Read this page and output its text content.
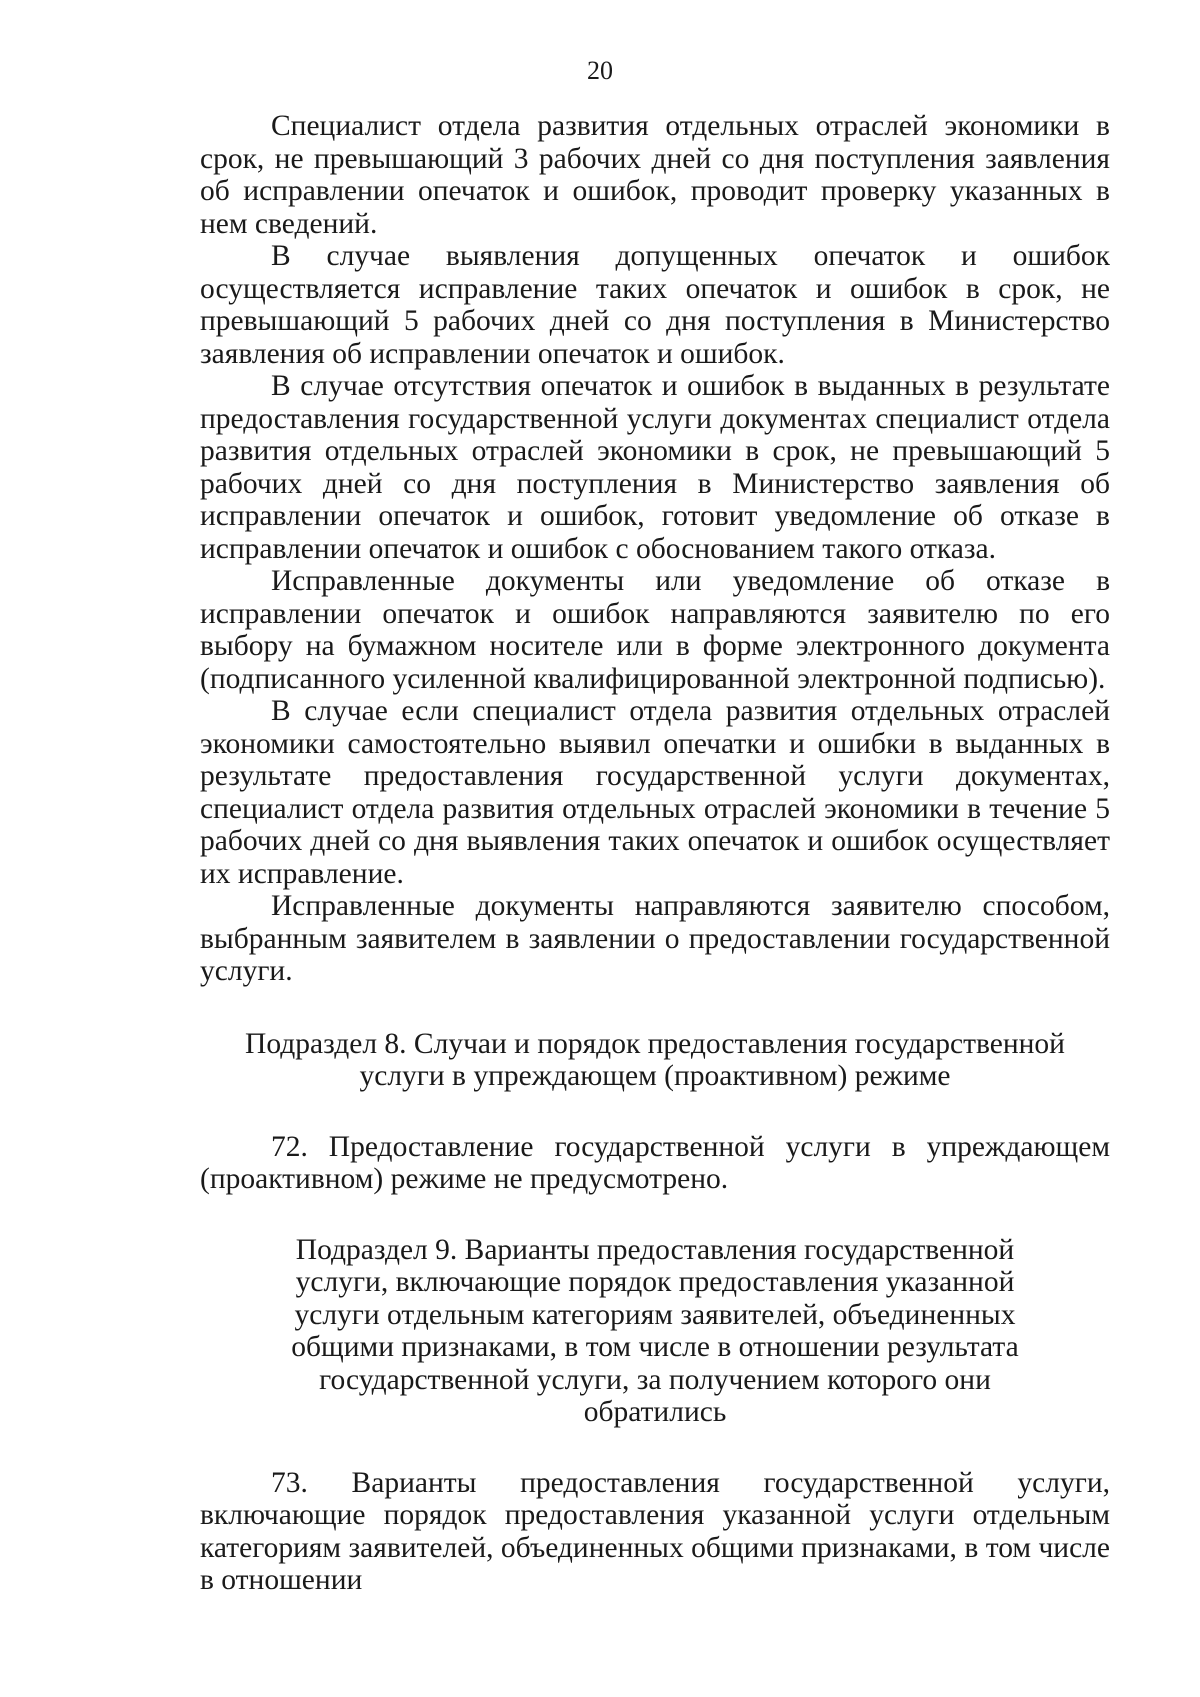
20

Специалист отдела развития отдельных отраслей экономики в срок, не превышающий 3 рабочих дней со дня поступления заявления об исправлении опечаток и ошибок, проводит проверку указанных в нем сведений.

В случае выявления допущенных опечаток и ошибок осуществляется исправление таких опечаток и ошибок в срок, не превышающий 5 рабочих дней со дня поступления в Министерство заявления об исправлении опечаток и ошибок.

В случае отсутствия опечаток и ошибок в выданных в результате предоставления государственной услуги документах специалист отдела развития отдельных отраслей экономики в срок, не превышающий 5 рабочих дней со дня поступления в Министерство заявления об исправлении опечаток и ошибок, готовит уведомление об отказе в исправлении опечаток и ошибок с обоснованием такого отказа.

Исправленные документы или уведомление об отказе в исправлении опечаток и ошибок направляются заявителю по его выбору на бумажном носителе или в форме электронного документа (подписанного усиленной квалифицированной электронной подписью).

В случае если специалист отдела развития отдельных отраслей экономики самостоятельно выявил опечатки и ошибки в выданных в результате предоставления государственной услуги документах, специалист отдела развития отдельных отраслей экономики в течение 5 рабочих дней со дня выявления таких опечаток и ошибок осуществляет их исправление.

Исправленные документы направляются заявителю способом, выбранным заявителем в заявлении о предоставлении государственной услуги.

Подраздел 8. Случаи и порядок предоставления государственной услуги в упреждающем (проактивном) режиме

72. Предоставление государственной услуги в упреждающем (проактивном) режиме не предусмотрено.

Подраздел 9. Варианты предоставления государственной услуги, включающие порядок предоставления указанной услуги отдельным категориям заявителей, объединенных общими признаками, в том числе в отношении результата государственной услуги, за получением которого они обратились

73. Варианты предоставления государственной услуги, включающие порядок предоставления указанной услуги отдельным категориям заявителей, объединенных общими признаками, в том числе в отношении
